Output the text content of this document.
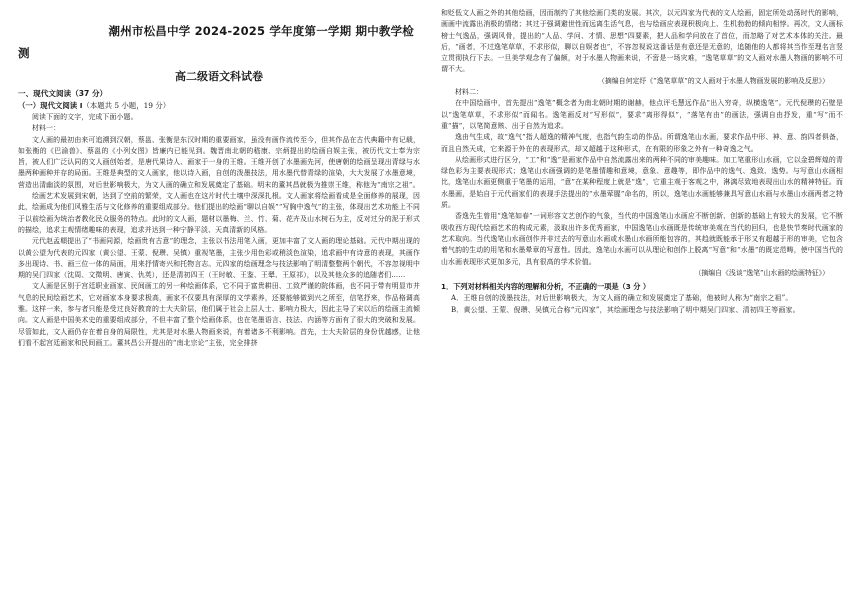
潮州市松昌中学 2024-2025 学年度第一学期 期中教学检
测
高二级语文科试卷
一、现代文阅读（37 分）
（一）现代文阅读 I（本题共 5 小题，19 分）

阅读下面的文字，完成下面小题。

材料一：

文人画的最初由来可追溯到汉朝，蔡邕、张衡是东汉时期的重要画家，虽没有画作流传至今，但其作品在古代典籍中有记载，如张衡的《巴渝兽》、蔡邕的《小列女图》皆廉内已能见到。魏晋南北朝的嵇康、宗炳提出的绘画自娱主张，被历代文士奉为宗旨，被人们广泛认同的文人画创始者，是唐代果诗人、画家于一身的王维。王维开创了水墨画先河，使唐朝的绘画呈现出青绿与水墨两种画种并存的局面。王维是典型的文人画家，他以诗入画，自创的泼墨技法，用水墨代替青绿的渲染，大大发展了水墨意境，营造出清幽淡的氛围，对后世影响极大，为文人画的确立和发展奠定了基础。明末的董其昌就极为推崇王维，称他为“南宗之祖”。

绘画艺术发展到宋朝，达到了空前的繁荣，文人画也在这片时代土壤中深深扎根。文人画家将绘画看成是全面修养的展现，因此，绘画成为他们风雅生活与文化修养的重要组成部分。他们提出的绘画“聊以自娱”“写胸中逸气”的主张，体现出艺术功能上不同于以前绘画为统治者教化民众服务的特点。此时的文人画，题材以墨梅、兰、竹、菊、花卉及山水树石为主，反对过分的泥于形式的描绘，追求主观情绪趣味的表现，追求并达到一种宁静平淡、天真清新的风格。

元代赵孟頫提出了“书画同源，绘画贵有古意”的理念，主张以书法用笔入画，更加丰富了文人画的理论基础。元代中期出现的以黄公望为代表的元四家（黄公望、王蒙、倪瓒、吴镇）重视笔墨，主张少用色彩或稍淡色渲染，追求画中有诗意的表现，其画作多出现诗、书、画三位一体的局面，用来抒情寄兴和托物言志。元四家的绘画理念与技法影响了明清整整两个朝代，不容忽视明中期的吴门四家（沈周、文徵明、唐寅、仇英），还是清初四王（王时敏、王鉴、王翚、王原祁），以及其他众多的追随者们……

文人画是区别于宫廷职业画家、民间画工的另一种绘画体系，它不同于富贵耕田、工致严谨的院体画，也不同于带有明显市井气息的民间绘画艺术，它对画家本身要求极高，画家不仅要具有深厚的文学素养，还要能够做到兴之所至，信笔抒来，作品格调高雅。这样一来，参与者只能是受过良好教育的士大夫阶层，他们属于社会上层人士、影响力极大，因此主导了宋以后的绘画主流倾向。文人画是中国美术史的重要组成部分，不但丰富了整个绘画体系，也在笔墨语言、技法、内涵等方面有了很大的突破和发展。尽管如此，文人画仍存在着自身的局限性，尤其是对水墨人物画来说，有着诸多不利影响。首先，士大夫阶层的身份优越感，让他们看不起宫廷画家和民间画工。董其昌公开提出的“南北宗论”主张，完全排挤

和贬低文人画之外的其他绘画，因而制约了其他绘画门类的发展。其次，以元四家为代表的文人绘画，固定所处动荡时代的影响，画画中流露出消极的情绪；其过于强调避世性而远离生活气息，也与绘画应表现积极向上、生机勃勃的倾向相悖。再次，文人画标榜士气逸品，强调风骨，提出的“人品、学问、才情、思想”四要素，把人品和学问放在了首位，而忽略了对艺术本体的关注。最后，“画者，不过逸笔草草，不求形似，聊以自娱者也”，不容忽视说这番话是有意还是无意的，追随他的人都将其当作至理名言竖立贯彻执行下去。一旦美学观念有了偏颇，对于水墨人物画来说，不啻是一场灾难，“逸笔草草”的文人画对水墨人物画的影响不可谓不大。

（摘编自何定纾《“逸笔草草”的文人画对于水墨人物画发展的影响及反思》）

材料二：

在中国绘画中，首先提出“逸笔”概念者为南北朝时期的谢赫，他点评毛慧远作品“出入穷奇，纵横逸笔”。元代倪瓒的石壁是以“逸笔草草，不求形似”而闻名。逸笔画反对“写形似”，要求“离形得似”，“落笔有由”的画法，强调自由抒发，重“写”而不重“描”，以笔简意赅、出于自然为追求。

逸由气生成，故“逸气”指人超逸的精神气度，也指气韵生动的作品。所谓逸笔山水画，要求作品中形、神、意、韵四者俱备，而且自然天成，它来源于外在的表现形式，却又超越于这种形式，在有限的形象之外有一种奇逸之气。

从绘画形式进行区分，“工”和“逸”是画家作品中自然流露出来的两种不同的审美趣味。加工笔重形山水画，它以金碧辉煌的青绿色彩为主要表现形式；逸笔山水画强调的是笔墨情趣和意境，意象、意趣等，即作品中的逸气、逸致、逸势。与写意山水画相比，逸笔山水画更侧重于笔墨的运用，“意”在某种程度上就是“逸”，它重主观于客观之中，淋漓尽致地表现出山水的精神特征。而水墨画，是始自于元代画家们的表现手法提出的“水墨荤腥”命名的，所以，逸笔山水画能够兼具写意山水画与水墨山水画两者之特质。

香逸先生曾用“逸笔如春”一词形容文艺创作的气象，当代的中国逸笔山水画应不断创新、创新的基础上有较大的发展，它不断吸收西方现代绘画艺术的构成元素，汲取出许多优秀画家，中国逸笔山水画既是传统审美观在当代的回归，也是快节奏时代画家的艺术取向。当代逸笔山水画创作并非过去的写意山水画或水墨山水画所能包容的，其趋就既能承于形又有超越于形的审美，它包含着气韵的生动的用笔和水墨晕章的写意性。因此，逸笔山水画可以从理论和创作上脱离“写意”和“水墨”的既定范畴，使中国当代的山水画表现形式更加多元，具有很高的学术价值。

（摘编自《浅谈“逸笔”山水画的绘画特征》）
1．下列对材料相关内容的理解和分析，不正确的一项是（3 分 ）

A．王维自创的泼墨技法，对后世影响极大，为文人画的确立和发展奠定了基础，他被时人称为“南宗之祖”。

B．黄公望、王蒙、倪瓒、吴镇元合称“元四家”，其绘画理念与技法影响了明中期吴门四家、清初四王等画家。
